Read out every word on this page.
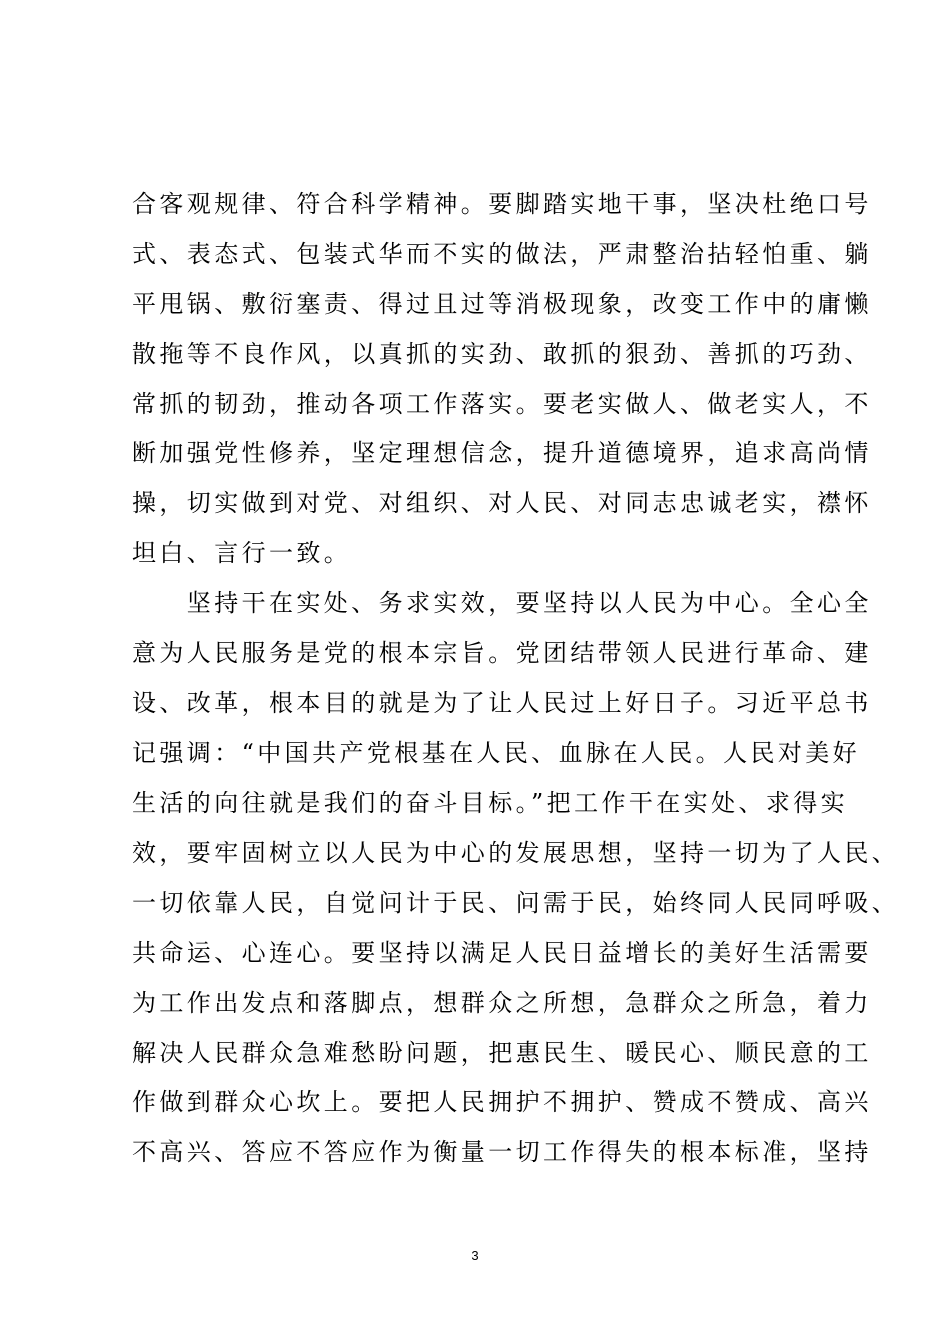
合客观规律、符合科学精神。要脚踏实地干事，坚决杜绝口号
式、表态式、包装式华而不实的做法，严肃整治拈轻怕重、躺
平甩锅、敷衍塞责、得过且过等消极现象，改变工作中的庸懒
散拖等不良作风，以真抓的实劲、敢抓的狠劲、善抓的巧劲、
常抓的韧劲，推动各项工作落实。要老实做人、做老实人，不
断加强党性修养，坚定理想信念，提升道德境界，追求高尚情
操，切实做到对党、对组织、对人民、对同志忠诚老实，襟怀
坦白、言行一致。
　　坚持干在实处、务求实效，要坚持以人民为中心。全心全
意为人民服务是党的根本宗旨。党团结带领人民进行革命、建
设、改革，根本目的就是为了让人民过上好日子。习近平总书
记强调：“中国共产党根基在人民、血脉在人民。人民对美好
生活的向往就是我们的奋斗目标。”把工作干在实处、求得实
效，要牢固树立以人民为中心的发展思想，坚持一切为了人民、
一切依靠人民，自觉问计于民、问需于民，始终同人民同呼吸、
共命运、心连心。要坚持以满足人民日益增长的美好生活需要
为工作出发点和落脚点，想群众之所想，急群众之所急，着力
解决人民群众急难愁盼问题，把惠民生、暖民心、顺民意的工
作做到群众心坎上。要把人民拥护不拥护、赞成不赞成、高兴
不高兴、答应不答应作为衡量一切工作得失的根本标准，坚持
3
